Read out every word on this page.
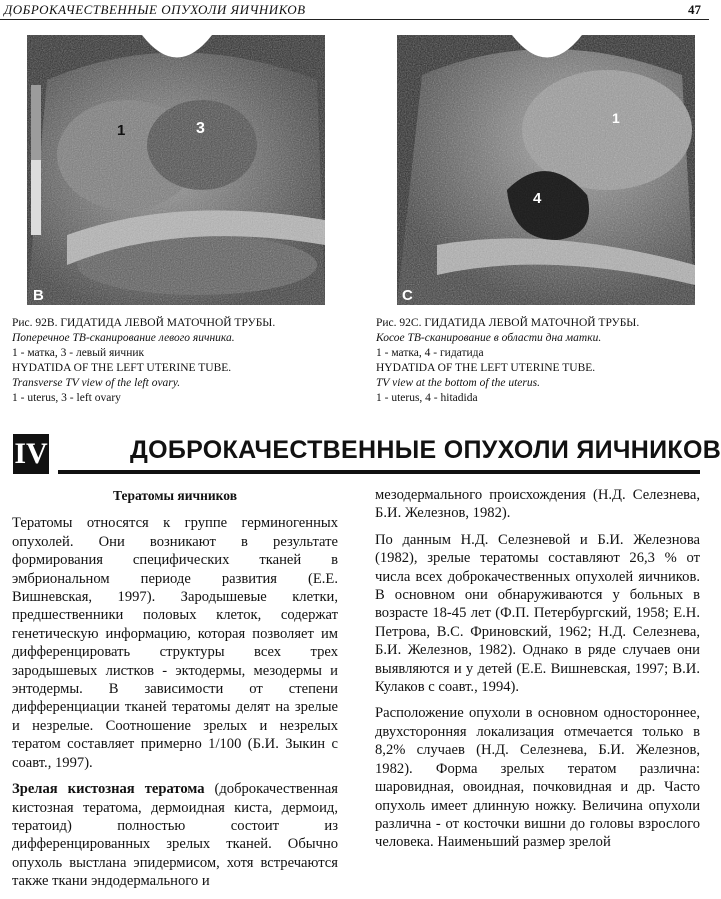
ДОБРОКАЧЕСТВЕННЫЕ ОПУХОЛИ ЯИЧНИКОВ	47
1	3
B
1
4
C
Рис. 92B. ГИДАТИДА ЛЕВОЙ МАТОЧНОЙ ТРУБЫ.
Поперечное ТВ-сканирование левого яичника.
1 - матка, 3 - левый яичник
HYDATIDA OF THE LEFT UTERINE TUBE.
Transverse TV view of the left ovary.
1 - uterus, 3 - left ovary
Рис. 92C. ГИДАТИДА ЛЕВОЙ МАТОЧНОЙ ТРУБЫ.
Косое ТВ-сканирование в области дна матки.
1 - матка, 4 - гидатида
HYDATIDA OF THE LEFT UTERINE TUBE.
TV view at the bottom of the uterus.
1 - uterus, 4 - hitadida
IV	ДОБРОКАЧЕСТВЕННЫЕ ОПУХОЛИ ЯИЧНИКОВ
Тератомы яичников

Тератомы относятся к группе герминогенных опухолей. Они возникают в результате формирования специфических тканей в эмбриональном периоде развития (Е.Е. Вишневская, 1997). Зародышевые клетки, предшественники половых клеток, содержат генетическую информацию, которая позволяет им дифференцировать структуры всех трех зародышевых листков - эктодермы, мезодермы и энтодермы. В зависимости от степени дифференциации тканей тератомы делят на зрелые и незрелые. Соотношение зрелых и незрелых тератом составляет примерно 1/100 (Б.И. Зыкин с соавт., 1997).

Зрелая кистозная тератома (доброкачественная кистозная тератома, дермоидная киста, дермоид, тератоид) полностью состоит из дифференцированных зрелых тканей. Обычно опухоль выстлана эпидермисом, хотя встречаются также ткани эндодермального и

мезодермального происхождения (Н.Д. Селезнева, Б.И. Железнов, 1982).

По данным Н.Д. Селезневой и Б.И. Железнова (1982), зрелые тератомы составляют 26,3 % от числа всех доброкачественных опухолей яичников. В основном они обнаруживаются у больных в возрасте 18-45 лет (Ф.П. Петербургский, 1958; Е.Н. Петрова, В.С. Фриновский, 1962; Н.Д. Селезнева, Б.И. Железнов, 1982). Однако в ряде случаев они выявляются и у детей (Е.Е. Вишневская, 1997; В.И. Кулаков с соавт., 1994).

Расположение опухоли в основном одностороннее, двухсторонняя локализация отмечается только в 8,2% случаев (Н.Д. Селезнева, Б.И. Железнов, 1982). Форма зрелых тератом различна: шаровидная, овоидная, почковидная и др. Часто опухоль имеет длинную ножку. Величина опухоли различна - от косточки вишни до головы взрослого человека. Наименьший размер зрелой
